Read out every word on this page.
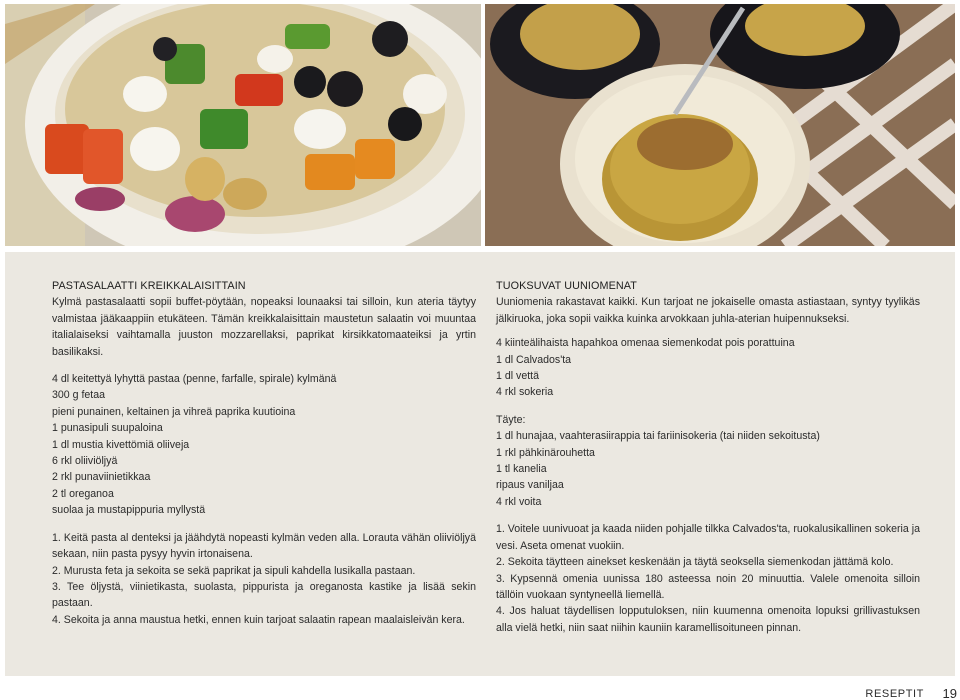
PASTASALAATTI KREIKKALAISITTAIN
Kylmä pastasalaatti sopii buffet-pöytään, nopeaksi lounaaksi tai silloin, kun ateria täytyy valmistaa jääkaappiin etukäteen. Tämän kreikkalaisittain maustetun salaatin voi muuntaa italialaiseksi vaihtamalla juuston mozzarellaksi, paprikat kirsikkatomaateiksi ja yrtin basilikaksi.
4 dl keitettyä lyhyttä pastaa (penne, farfalle, spirale) kylmänä
300 g fetaa
pieni punainen, keltainen ja vihreä paprika kuutioina
1 punasipuli suupaloina
1 dl mustia kivettömiä oliiveja
6 rkl oliiviöljyä
2 rkl punaviinietikkaa
2 tl oreganoa
suolaa ja mustapippuria myllystä
1. Keitä pasta al denteksi ja jäähdytä nopeasti kylmän veden alla. Lorauta vähän oliiviöljyä sekaan, niin pasta pysyy hyvin irtonaisena.
2. Murusta feta ja sekoita se sekä paprikat ja sipuli kahdella lusikalla pastaan.
3. Tee öljystä, viinietikasta, suolasta, pippurista ja oreganosta kastike ja lisää sekin pastaan.
4. Sekoita ja anna maustua hetki, ennen kuin tarjoat salaatin rapean maalaisleivän kera.
TUOKSUVAT UUNIOMENAT
Uuniomenia rakastavat kaikki. Kun tarjoat ne jokaiselle omasta astiastaan, syntyy tyylikäs jälkiruoka, joka sopii vaikka kuinka arvokkaan juhla-aterian huipennukseksi.
4 kiinteälihaista hapahkoa omenaa siemenkodat pois porattuina
1 dl Calvados'ta
1 dl vettä
4 rkl sokeria
Täyte:
1 dl hunajaa, vaahterasiirappia tai fariinisokeria (tai niiden sekoitusta)
1 rkl pähkinärouhetta
1 tl kanelia
ripaus vaniljaa
4 rkl voita
1. Voitele uunivuoat ja kaada niiden pohjalle tilkka Calvados'ta, ruokalusikallinen sokeria ja vesi. Aseta omenat vuokiin.
2. Sekoita täytteen ainekset keskenään ja täytä seoksella siemenkodan jättämä kolo.
3. Kypsennä omenia uunissa 180 asteessa noin 20 minuuttia. Valele omenoita silloin tällöin vuokaan syntyneellä liemellä.
4. Jos haluat täydellisen lopputuloksen, niin kuumenna omenoita lopuksi grillivastuksen alla vielä hetki, niin saat niihin kauniin karamellisoituneen pinnan.
RESEPTIT 19
